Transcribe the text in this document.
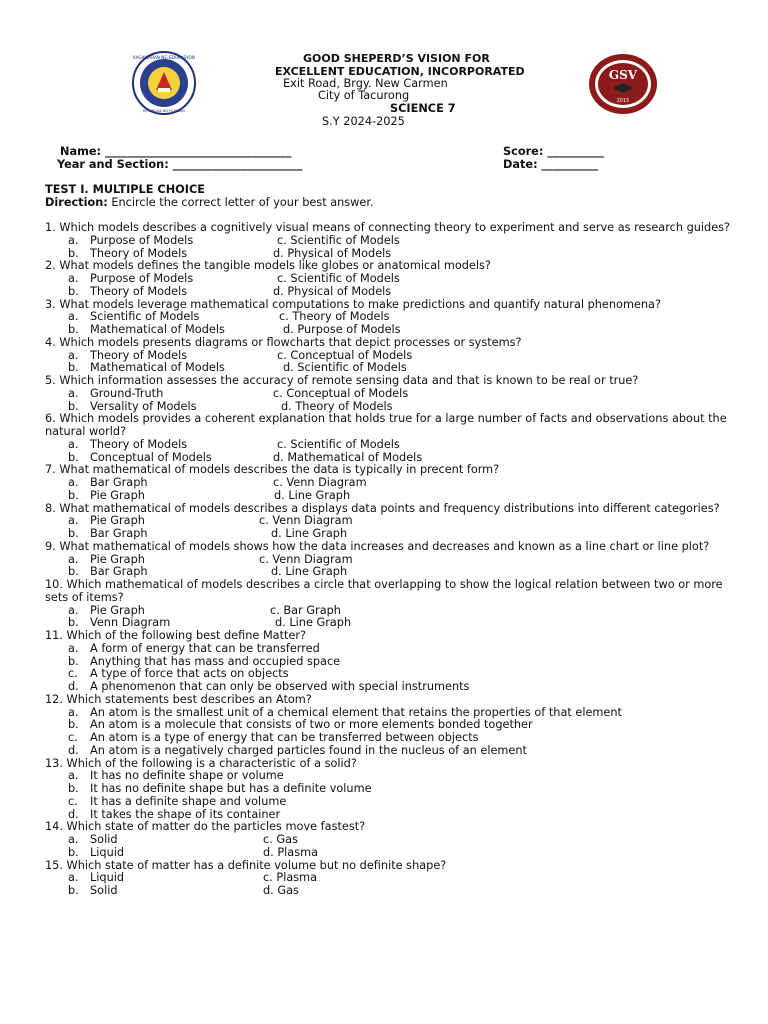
KAGAWARAN NG EDUKASYON
REPUBLIKA NG PILIPINAS
GSV
2015
GOOD SHEPERD’S VISION FOR
EXCELLENT EDUCATION, INCORPORATED
Exit Road, Brgy. New Carmen
City of Tacurong
SCIENCE 7
S.Y 2024-2025
Name: _________________________________
Year and Section: _______________________
Score: __________
Date: __________
TEST I. MULTIPLE CHOICE
Direction: Encircle the correct letter of your best answer.
1. Which models describes a cognitively visual means of connecting theory to experiment and serve as research guides?
a. Purpose of Models	c. Scientific of Models
b. Theory of Models	d. Physical of Models
2. What models defines the tangible models like globes or anatomical models?
a. Purpose of Models	c. Scientific of Models
b. Theory of Models	d. Physical of Models
3. What models leverage mathematical computations to make predictions and quantify natural phenomena?
a. Scientific of Models	c. Theory of Models
b. Mathematical of Models	d. Purpose of Models
4. Which models presents diagrams or flowcharts that depict processes or systems?
a. Theory of Models	c. Conceptual of Models
b. Mathematical of Models	d. Scientific of Models
5. Which information assesses the accuracy of remote sensing data and that is known to be real or true?
a. Ground-Truth	c. Conceptual of Models
b. Versality of Models	d. Theory of Models
6. Which models provides a coherent explanation that holds true for a large number of facts and observations about the natural world?
a. Theory of Models	c. Scientific of Models
b. Conceptual of Models	d. Mathematical of Models
7. What mathematical of models describes the data is typically in precent form?
a. Bar Graph	c. Venn Diagram
b. Pie Graph	d. Line Graph
8. What mathematical of models describes a displays data points and frequency distributions into different categories?
a. Pie Graph	c. Venn Diagram
b. Bar Graph	d. Line Graph
9. What mathematical of models shows how the data increases and decreases and known as a line chart or line plot?
a. Pie Graph	c. Venn Diagram
b. Bar Graph	d. Line Graph
10. Which mathematical of models describes a circle that overlapping to show the logical relation between two or more sets of items?
a. Pie Graph	c. Bar Graph
b. Venn Diagram	d. Line Graph
11. Which of the following best define Matter?
a. A form of energy that can be transferred
b. Anything that has mass and occupied space
c. A type of force that acts on objects
d. A phenomenon that can only be observed with special instruments
12. Which statements best describes an Atom?
a. An atom is the smallest unit of a chemical element that retains the properties of that element
b. An atom is a molecule that consists of two or more elements bonded together
c. An atom is a type of energy that can be transferred between objects
d. An atom is a negatively charged particles found in the nucleus of an element
13. Which of the following is a characteristic of a solid?
a. It has no definite shape or volume
b. It has no definite shape but has a definite volume
c. It has a definite shape and volume
d. It takes the shape of its container
14. Which state of matter do the particles move fastest?
a. Solid	c. Gas
b. Liquid	d. Plasma
15. Which state of matter has a definite volume but no definite shape?
a. Liquid	c. Plasma
b. Solid	d. Gas
